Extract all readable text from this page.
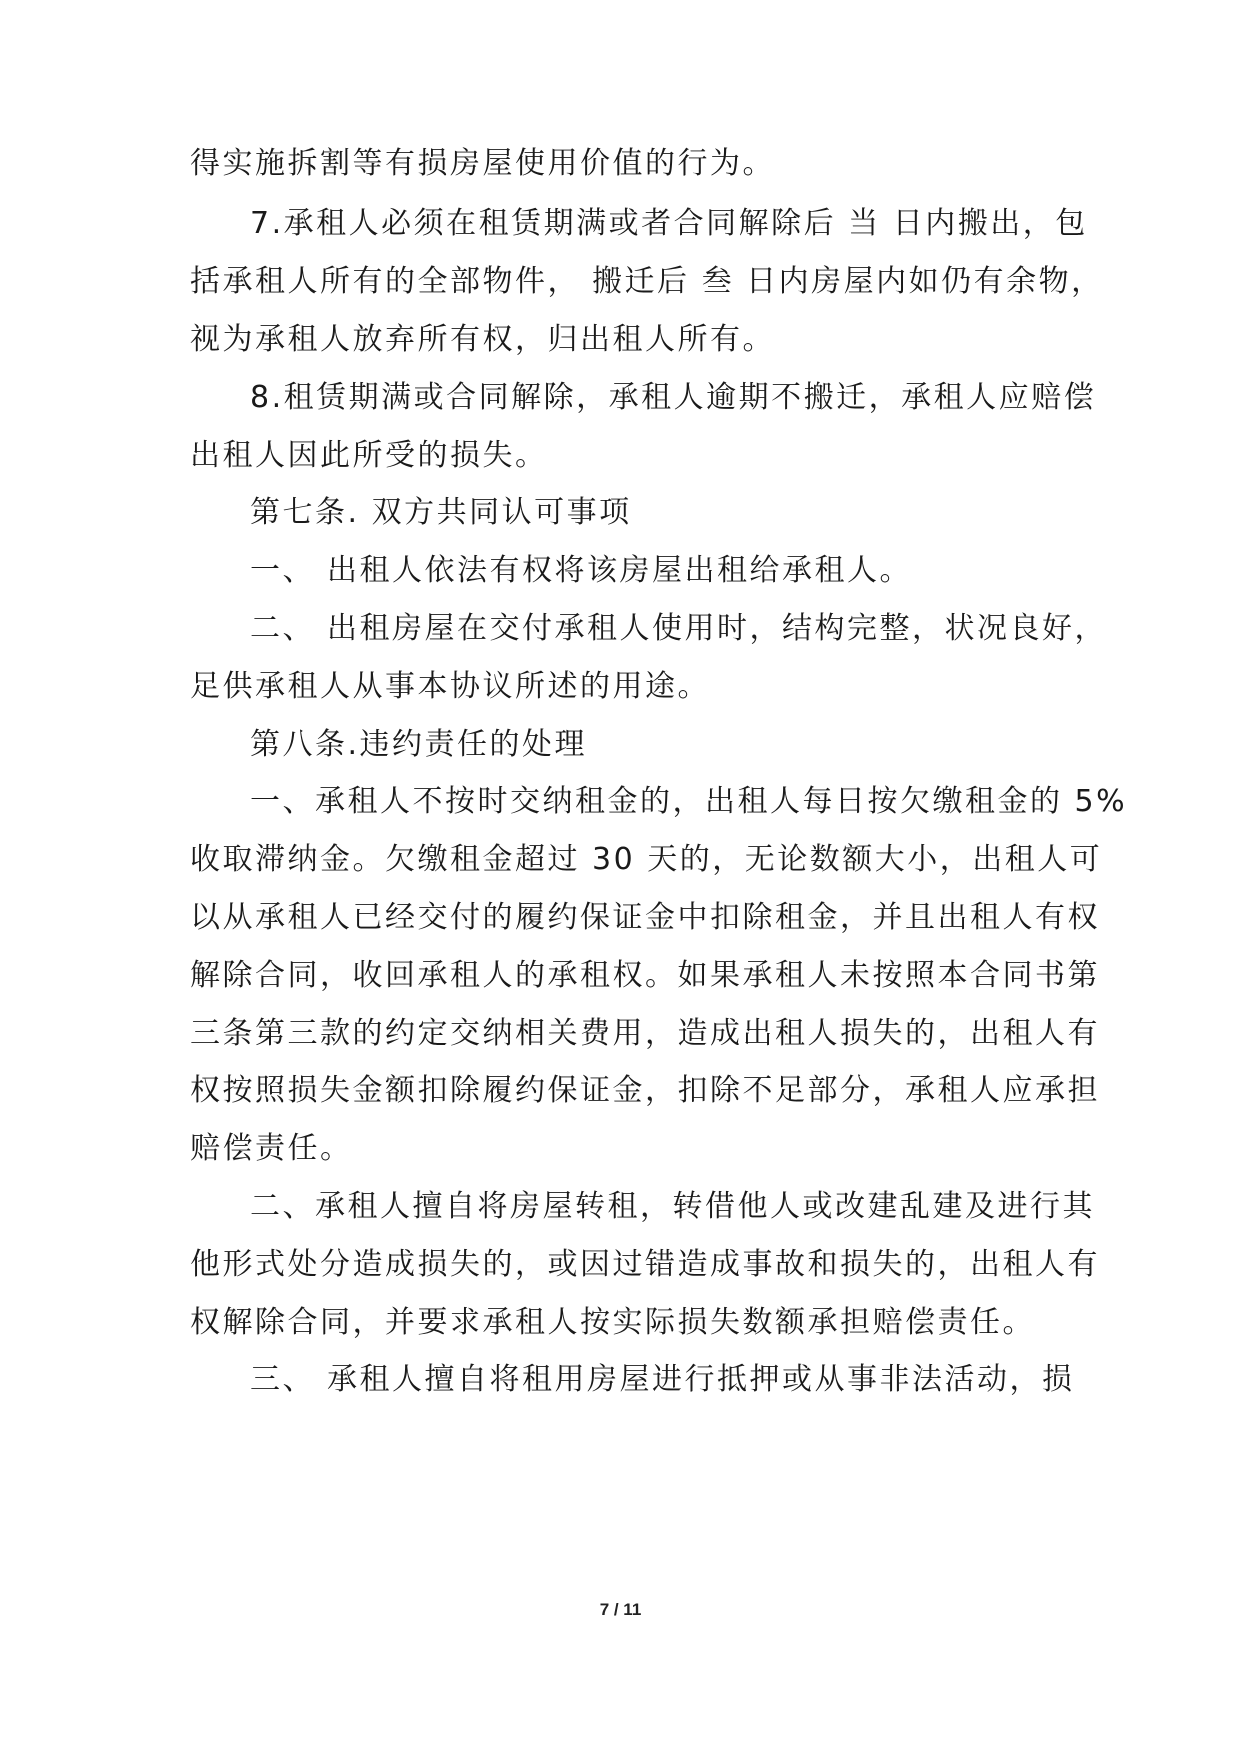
得实施拆割等有损房屋使用价值的行为。

7.承租人必须在租赁期满或者合同解除后 当 日内搬出，包

括承租人所有的全部物件， 搬迁后 叁 日内房屋内如仍有余物，

视为承租人放弃所有权，归出租人所有。

8.租赁期满或合同解除，承租人逾期不搬迁，承租人应赔偿

出租人因此所受的损失。

第七条. 双方共同认可事项

一、 出租人依法有权将该房屋出租给承租人。

二、 出租房屋在交付承租人使用时，结构完整，状况良好，

足供承租人从事本协议所述的用途。

第八条.违约责任的处理

一、承租人不按时交纳租金的，出租人每日按欠缴租金的 5%

收取滞纳金。欠缴租金超过 30 天的，无论数额大小，出租人可

以从承租人已经交付的履约保证金中扣除租金，并且出租人有权

解除合同，收回承租人的承租权。如果承租人未按照本合同书第

三条第三款的约定交纳相关费用，造成出租人损失的，出租人有

权按照损失金额扣除履约保证金，扣除不足部分，承租人应承担

赔偿责任。

二、承租人擅自将房屋转租，转借他人或改建乱建及进行其

他形式处分造成损失的，或因过错造成事故和损失的，出租人有

权解除合同，并要求承租人按实际损失数额承担赔偿责任。

三、 承租人擅自将租用房屋进行抵押或从事非法活动，损

7 / 11
